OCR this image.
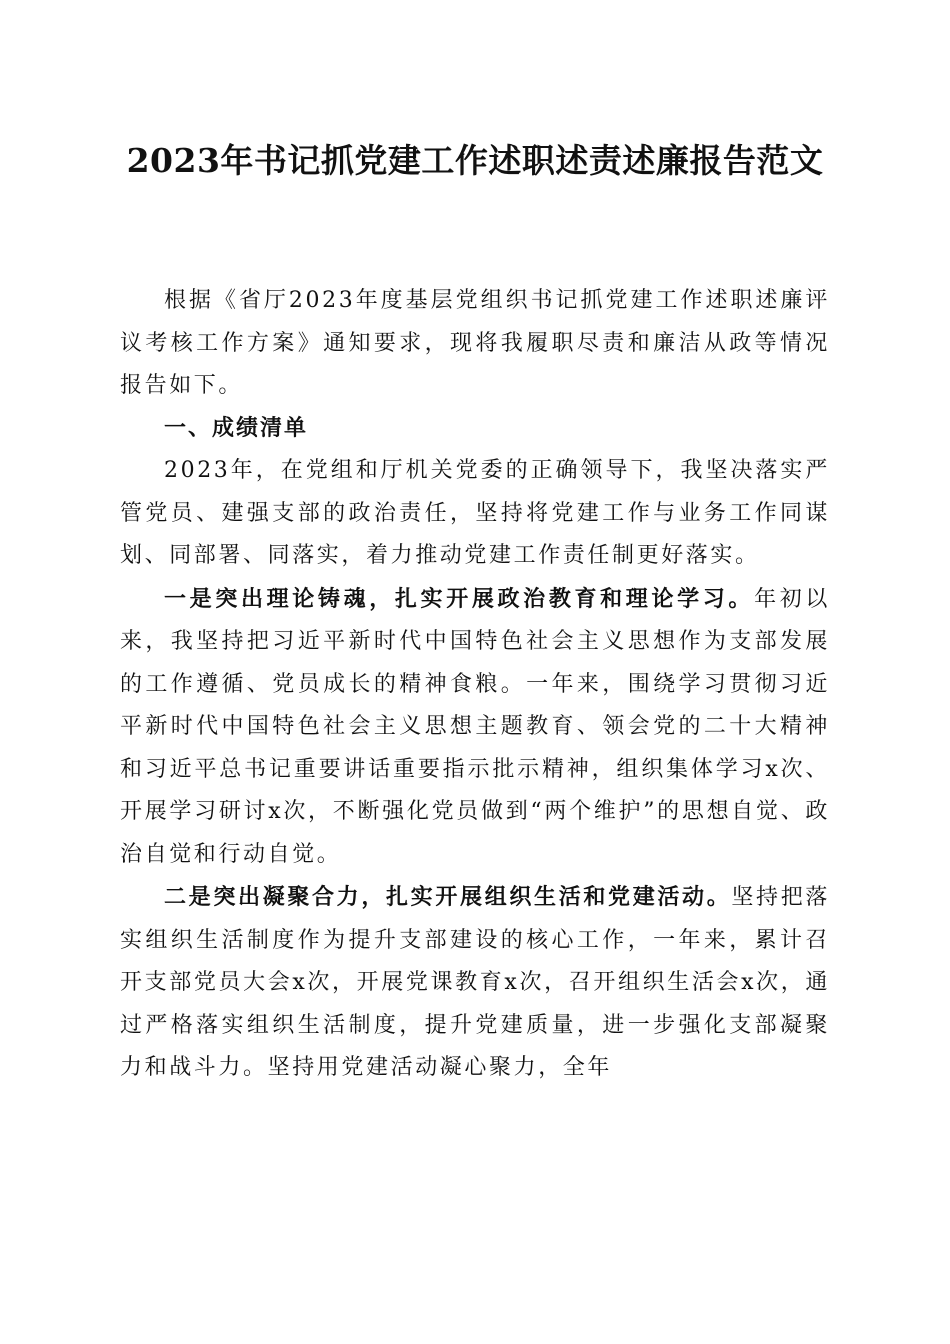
2023年书记抓党建工作述职述责述廉报告范文

根据《省厅2023年度基层党组织书记抓党建工作述职述廉评议考核工作方案》通知要求，现将我履职尽责和廉洁从政等情况报告如下。

一、成绩清单

2023年，在党组和厅机关党委的正确领导下，我坚决落实严管党员、建强支部的政治责任，坚持将党建工作与业务工作同谋划、同部署、同落实，着力推动党建工作责任制更好落实。

一是突出理论铸魂，扎实开展政治教育和理论学习。年初以来，我坚持把习近平新时代中国特色社会主义思想作为支部发展的工作遵循、党员成长的精神食粮。一年来，围绕学习贯彻习近平新时代中国特色社会主义思想主题教育、领会党的二十大精神和习近平总书记重要讲话重要指示批示精神，组织集体学习x次、开展学习研讨x次，不断强化党员做到“两个维护”的思想自觉、政治自觉和行动自觉。

二是突出凝聚合力，扎实开展组织生活和党建活动。坚持把落实组织生活制度作为提升支部建设的核心工作，一年来，累计召开支部党员大会x次，开展党课教育x次，召开组织生活会x次，通过严格落实组织生活制度，提升党建质量，进一步强化支部凝聚力和战斗力。坚持用党建活动凝心聚力，全年
